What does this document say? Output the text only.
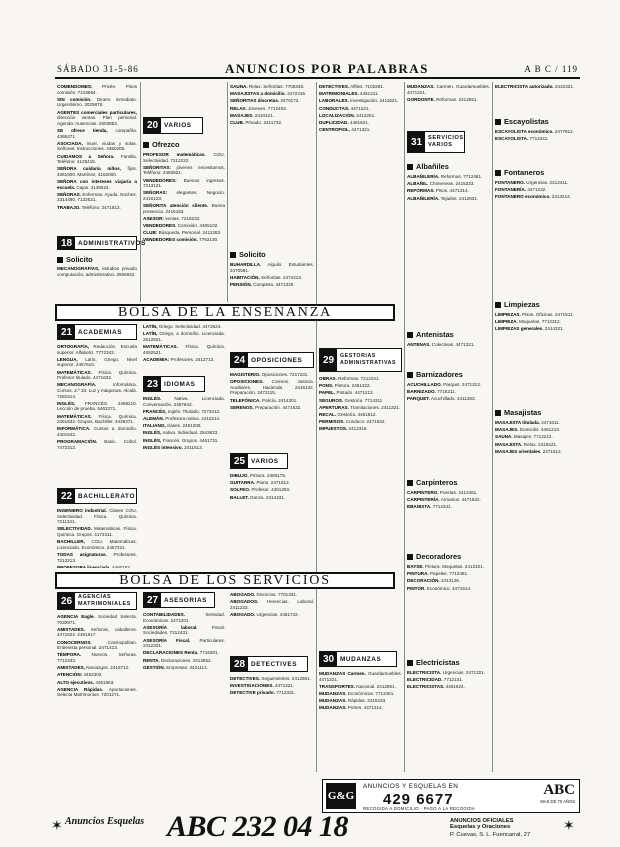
SÁBADO 31-5-86	ANUNCIOS POR PALABRAS	A B C / 119

COMENDOMES: Privée. Pisos comisión. 7218684.

SIN comisión. Dinero inmediato. Urgentísimo. 2025878.

AGENTES comerciales particulares, dirección ventas. Plan personal. Agenda: Ausencias. 2503853.

SE ofrece tienda, compañía. 4365471.

ASOCIADA, muer, viudas y solas. Señoras: Instrucciones. 4450205.

CUIDAMOS a Señora. Familia. Teléfono: 4125415.

SEÑORA cuidaría niños, fijos. 4361500. Martínez, 4162000.

SEÑORA con intereses viajaría a escuela. Cajas. 2136524.

SEÑORAS. Enfermas. Ayuda. Noches. 2314480. 7132521.

TRABAJO. Teléfono: 2471813.

18 ADMINISTRATIVOS
Solicito

MECANOGRAFÍAS, estudios privado computación, administrativo. 2506632.

20 VARIOS
Ofrezco

PROFESOR matemáticas. COU. Selectividad. 7212222.

SEÑORITAS: jóvenes necesitamos. Teléfono: 2450921.

VENDEDORES: Buenos ingresos. 7213121.

SEÑORAS: elegantes. Negocio. 2416123.

SEÑORITA atención cliente. Buena presencia. 2415163.

ASESOR: ventas. 7216232.

VENDEDORES. Comisión. 4465102.

CLUB: Búsqueda. Personal. 2411263.

VENDEDORES comisión. 7762130.

SAUNA. Relax. Señoritas. 7708348.

MASAJISTAS a domicilio. 2472316.

SEÑORITAS discretas. 2470172.

RELAX. Jóvenes. 7712403.

MASAJES. 2410421.

CLUB. Privado. 2411732.

Solicito

BUHARDILLA. Alquilo. Estudiantes. 2470581.

HABITACIÓN. Señoritas. 2474213.

PENSIÓN. Completa. 4471320.

BOLSA DE LA ENSEÑANZA
21 ACADEMIAS

ORTOGRAFÍA, Redacción. Escuela superior. Alfabetiz. 7772343.

LENGUA, Latín, Griego. Nivel superior. 2457610.

MATEMÁTICAS. Física. Química. Profesor titulado. 4471632.

MECANOGRAFÍA. Informática. Cursos. 2.º 33. Luz y máquinas. Alcalá. 7281514.

INGLÉS, FRANCÉS. 2459210. Lección de prueba. 5463271.

MATEMÁTICAS. Física. Química. 2451632. Grupos. Bachiller. 4429371.

INFORMÁTICA. Cursos a domicilio. 4401542.

PROGRAMACIÓN. Basic. Cobol. 7472312.

22 BACHILLERATO

INGENIERO industrial. Clases COU. Selectividad. Física. Química. 7211341.

SELECTIVIDAD. Matemáticas. Física. Química. Grupos. 4172311.

BACHILLER, COU, Matemáticas. Licenciado. Económico. 2457221.

TODAS asignaturas. Profesores. 7212213.

PROFESORA licenciada. 4460163.

LATÍN, Griego. Selectividad. 4472624.

LATÍN, Griego, a domicilio. Licenciada. 2512521.

MATEMÁTICAS. Física. Química. 4452521.

ACADEMIA: Profesores. 2412712.

23 IDIOMAS

INGLÉS. Nativa. Licenciada. Conversación. 2457642.

FRANCÉS, Inglés. Titulado. 7273413.

ALEMÁN. Profesora nativa. 2412214.

ITALIANO, clases. 2461206.

INGLÉS, nativa. Individual. 2543623.

INGLÉS, Francés. Grupos. 4461731.

INGLÉS intensivo. 2411513.

24 OPOSICIONES

MAGISTERIO. Oposiciones. 7217231.

OPOSICIONES. Correos. Justicia. Auxiliares. Hacienda. 2416132. Preparación. 2472115.

TELEFÓNICA. Policía. 2414301.

SERENOS. Preparación. 4471632.

25 VARIOS

DIBUJO. Pintura. 2480175.

GUITARRA. Piano. 2471612.

SOLFEO. Profesor. 4461253.

BALLET. Danza. 2414431.

BOLSA DE LOS SERVICIOS
26	AGENCIAS MATRIMONIALES

AGENCIA Eagle. Sociedad Selecta. 7030871.

AMISTADES. Señoras, caballeros. 4471622. 2491817.

CONOCERNOS. Cosmopolitan. Entrevista personal. 2471413.

TÉMPORA. Nuevos. Señoras. 7712433.

AMISTADES, Noviazgos. 2416712.

ATENCIÓN: 4452302.

ALTO ejecutivos. 4461663.

AGENCIA Rápidas. Aportaciones. Selecta Matrimonios. 7201271.

27 ASESORIAS

CONTABILIDADES. Seriedad. Económicas. 2471201.

ASESORÍA laboral. Fiscal. Sociedades. 7212431.

ASESORÍA Fiscal. Particulares. 2412321.

DECLARACIONES Renta. 7716301.

RENTA. Declaraciones. 2413652.

GESTIÓN. Empresas. 4421112.

ABOGADO. Divorcios. 7701331.

ABOGADOS. Herencias. Laboral. 2411233.

ABOGADO. Urgencias. 4461732.

28 DETECTIVES

DETECTIVES. Seguimientos. 2412561.

INVESTIGACIONES. 4471321.

DETECTIVE privado. 7712331.

DETECTIVES. Alfiles. 7102281.

MATRIMONIALES. 4451211.

LABORALES. Investigación. 2411621.

CONDUCTAS. 4471221.

LOCALIZACIÓN. 2413251.

DUPLICIDAD. 4461621.

CENTROFIOL. 4471321.

29	GESTORIAS ADMINISTRATIVAS

OBRAS. Reformas. 7212241.

PONS. Pintura. 2461322.

PAPEL. Pintado. 4471213.

SEGUROS. Gestoría. 7714311.

APERTURAS. Tramitaciones. 2411321.

RECAL. Gestoría. 4451612.

PERMISOS. Conducir. 2471632.

IMPUESTOS. 2412316.

30 MUDANZAS

MUDANZAS Carmen. Guardamuebles. 4471221.

TRANSPORTES. Nacional. 2412651.

MUDANZAS. Económicas. 7712461.

MUDANZAS. Rápidas. 2415233.

MUDANZAS. Portes. 4471314.

MUDANZAS. Carmen. Guardamuebles. 4471221.

GORDONTE. Reformas. 2412651.

31	SERVICIOS VARIOS
Albañiles

ALBAÑILERÍA. Reformas. 7712461.

ALBAÑIL. Chimeneas. 2415233.

REFORMAS. Pisos. 4471314.

ALBAÑILERÍA. Tejados. 2412631.

Antenistas

ANTENAS. Colectivas. 4471321.

Barnizadores

ACUCHILLADO. Parquet. 2471313.

BARNIZADO. 7716211.

PARQUET. Acuchillado. 4411263.

Carpinteros

CARPINTERO. Puertas. 2412461.

CARPINTERÍA. Armarios. 4471632.

EBANISTA. 7712341.

Decoradores

BAYSE. Pintura. Moquetas. 2412321.

PINTURA. Papeles. 7712451.

DECORACIÓN. 2413126.

PINTOR. Económico. 4471614.

Electricistas

ELECTRICISTA. Urgencias. 2471321.

ELECTRICIDAD. 7712131.

ELECTRICISTAS. 4451624.

ELECTRICISTA autorizado. 2442321.

Escayolistas

ESCAYOLISTA económico. 2477812.

ESCAYOLISTA. 7712341.

Fontaneros

FONTANERO. Urgencias. 2412411.

FONTANERÍA. 4471232.

FONTANERO económico. 2413214.

Limpiezas

LIMPIEZAS. Pisos. Oficinas. 2471511.

LIMPIEZA. Moquetas. 7712312.

LIMPIEZAS generales. 2414321.

Masajistas

MASAJISTA titulada. 2471611.

MASAJES. Domicilio. 4461213.

SAUNA. Masajes. 7712212.

MASAJISTA. Relax. 2418421.

MASAJES orientales. 2471512.

G&G
ANUNCIOS Y ESQUELAS EN
429 6677
RECOGIDA A DOMICILIO · PAGO A LA RECOGIDA
ABC
MAS DE 70 AÑOS
✶ Anuncios Esquelas ABC 232 04 18	ANUNCIOS OFICIALES
Esquelas y Oraciones
P. Cuevas, S. L. Fuencarral, 27
✶
